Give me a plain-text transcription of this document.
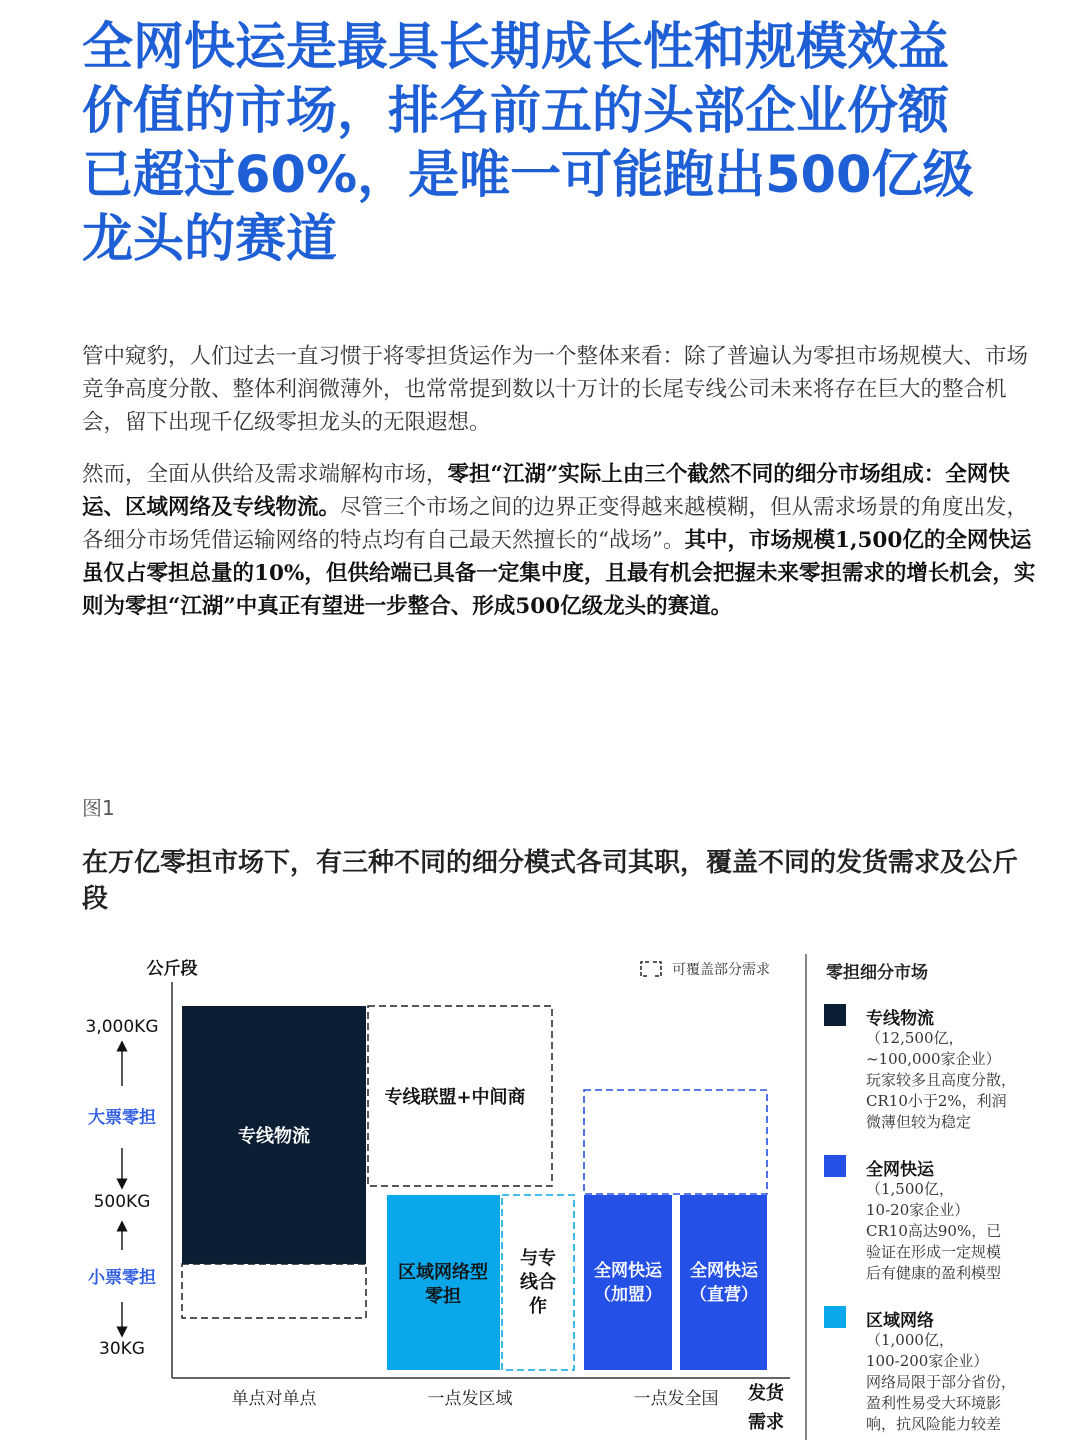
全网快运是最具长期成长性和规模效益价值的市场，排名前五的头部企业份额已超过60%，是唯一可能跑出500亿级龙头的赛道

管中窥豹，人们过去一直习惯于将零担货运作为一个整体来看：除了普遍认为零担市场规模大、市场竞争高度分散、整体利润微薄外，也常常提到数以十万计的长尾专线公司未来将存在巨大的整合机会，留下出现千亿级零担龙头的无限遐想。

然而，全面从供给及需求端解构市场，零担“江湖”实际上由三个截然不同的细分市场组成：全网快运、区域网络及专线物流。尽管三个市场之间的边界正变得越来越模糊，但从需求场景的角度出发，各细分市场凭借运输网络的特点均有自己最天然擅长的“战场”。其中，市场规模1,500亿的全网快运虽仅占零担总量的10%，但供给端已具备一定集中度，且最有机会把握未来零担需求的增长机会，实则为零担“江湖”中真正有望进一步整合、形成500亿级龙头的赛道。

图1
在万亿零担市场下，有三种不同的细分模式各司其职，覆盖不同的发货需求及公斤段
公斤段
3,000KG
500KG
30KG
大票零担
小票零担
单点对单点	一点发区域	一点发全国 发货
需求
可覆盖部分需求
专线物流
专线联盟+中间商
区域网络型
零担
与专
线合
作
全网快运
（加盟）
全网快运
（直营）
零担细分市场
专线物流
（12,500亿，
~100,000家企业）
玩家较多且高度分散，
CR10小于2%，利润
微薄但较为稳定
全网快运
（1,500亿，
10-20家企业）
CR10高达90%，已
验证在形成一定规模
后有健康的盈利模型
区域网络
（1,000亿，
100-200家企业）
网络局限于部分省份，
盈利性易受大环境影
响，抗风险能力较差
